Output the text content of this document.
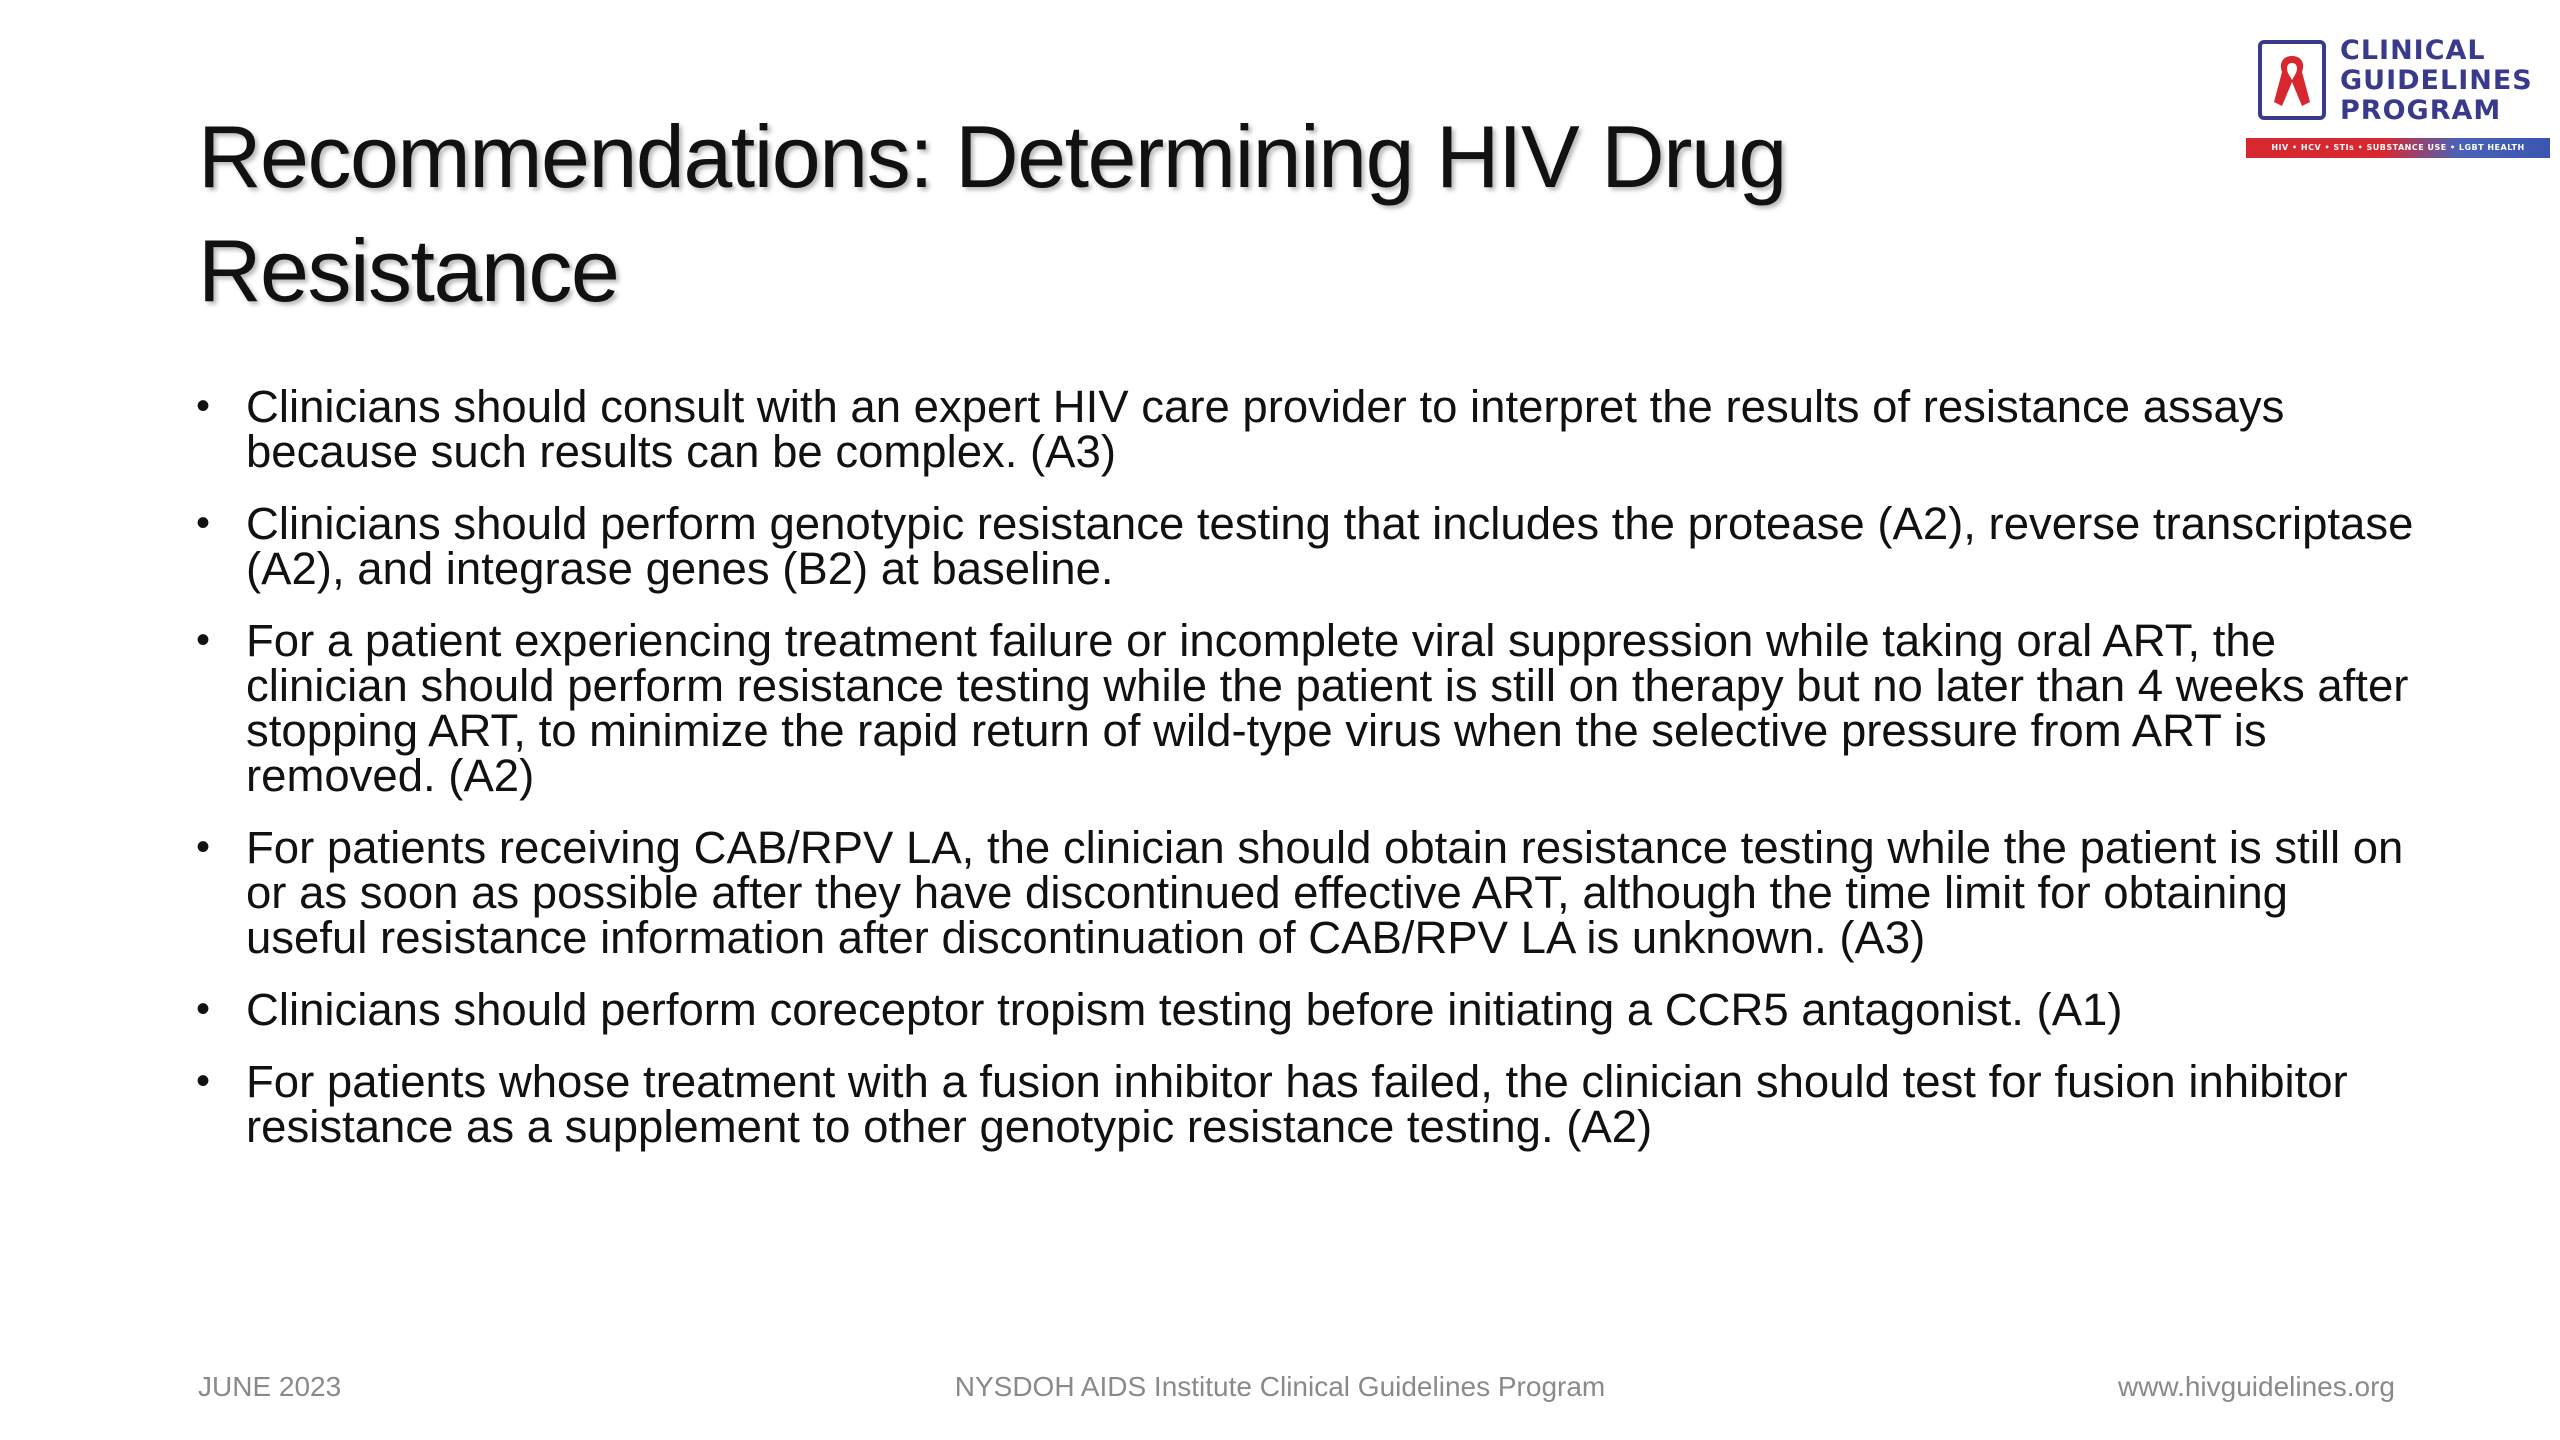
CLINICAL
GUIDELINES
PROGRAM
HIV • HCV • STIs • SUBSTANCE USE • LGBT HEALTH
Recommendations: Determining HIV Drug Resistance
• Clinicians should consult with an expert HIV care provider to interpret the results of resistance assays because such results can be complex. (A3)
• Clinicians should perform genotypic resistance testing that includes the protease (A2), reverse transcriptase (A2), and integrase genes (B2) at baseline.
• For a patient experiencing treatment failure or incomplete viral suppression while taking oral ART, the clinician should perform resistance testing while the patient is still on therapy but no later than 4 weeks after stopping ART, to minimize the rapid return of wild-type virus when the selective pressure from ART is removed. (A2)
• For patients receiving CAB/RPV LA, the clinician should obtain resistance testing while the patient is still on or as soon as possible after they have discontinued effective ART, although the time limit for obtaining useful resistance information after discontinuation of CAB/RPV LA is unknown. (A3)
• Clinicians should perform coreceptor tropism testing before initiating a CCR5 antagonist. (A1)
• For patients whose treatment with a fusion inhibitor has failed, the clinician should test for fusion inhibitor resistance as a supplement to other genotypic resistance testing. (A2)
JUNE 2023	NYSDOH AIDS Institute Clinical Guidelines Program	www.hivguidelines.org
